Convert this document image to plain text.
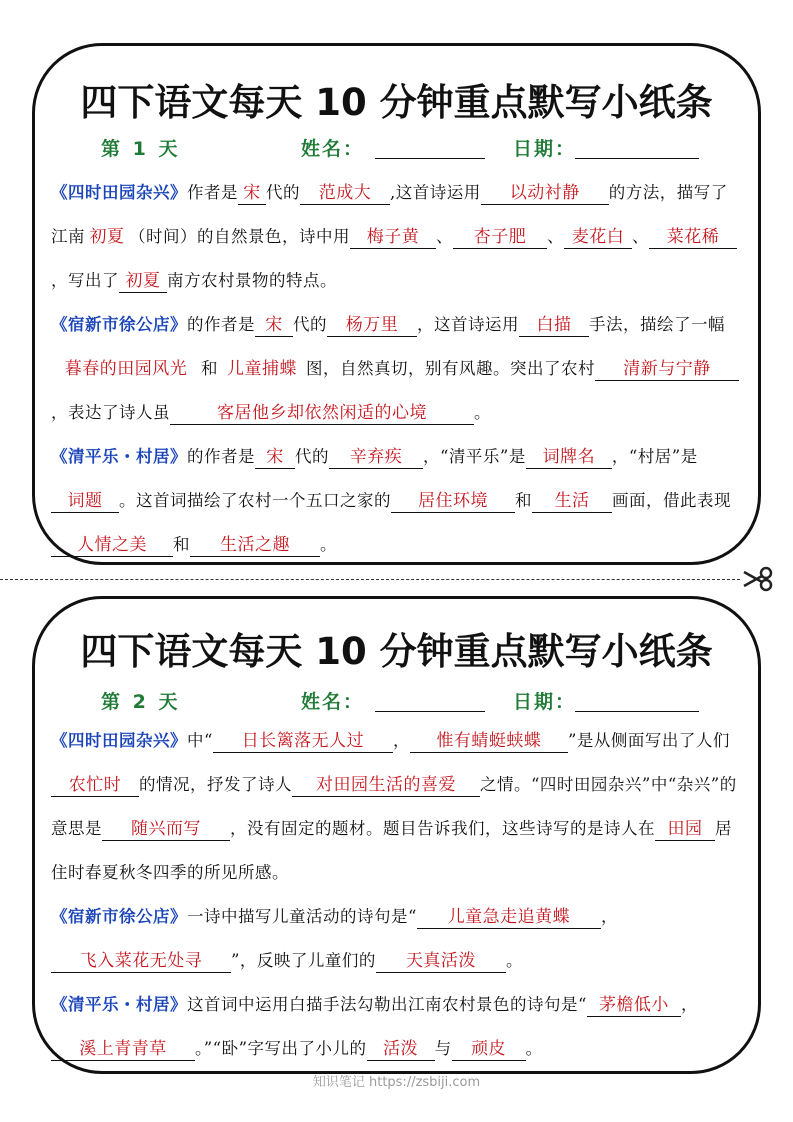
四下语文每天 10 分钟重点默写小纸条
第 1 天	姓名：	日期：
《四时田园杂兴》作者是 宋 代的 范成大 ,这首诗运用 以动衬静 的方法，描写了江南 初夏 （时间）的自然景色，诗中用 梅子黄 、 杏子肥 、 麦花白 、 菜花稀，写出了 初夏 南方农村景物的特点。
《宿新市徐公店》的作者是 宋 代的 杨万里 ，这首诗运用 白描 手法，描绘了一幅暮春的田园风光 和 儿童捕蝶 图，自然真切，别有风趣。突出了农村 清新与宁静，表达了诗人虽	客居他乡却依然闲适的心境	。
《清平乐・村居》的作者是 宋 代的 辛弃疾 ，“清平乐”是 词牌名 ，“村居”是词题 。这首词描绘了农村一个五口之家的 居住环境 和 生活 画面，借此表现人情之美 和 生活之趣 。
四下语文每天 10 分钟重点默写小纸条
第 2 天	姓名：	日期：
《四时田园杂兴》中“ 日长篱落无人过 ， 惟有蜻蜓蛱蝶 ”是从侧面写出了人们农忙时 的情况，抒发了诗人 对田园生活的喜爱 之情。“四时田园杂兴”中“杂兴”的意思是 随兴而写 ，没有固定的题材。题目告诉我们，这些诗写的是诗人在 田园 居住时春夏秋冬四季的所见所感。
《宿新市徐公店》一诗中描写儿童活动的诗句是“ 儿童急走追黄蝶 ，飞入菜花无处寻 ”，反映了儿童们的 天真活泼 。
《清平乐・村居》这首词中运用白描手法勾勒出江南农村景色的诗句是“ 茅檐低小 ，溪上青青草 。”“卧”字写出了小儿的 活泼 与 顽皮 。
知识笔记 https://zsbiji.com
